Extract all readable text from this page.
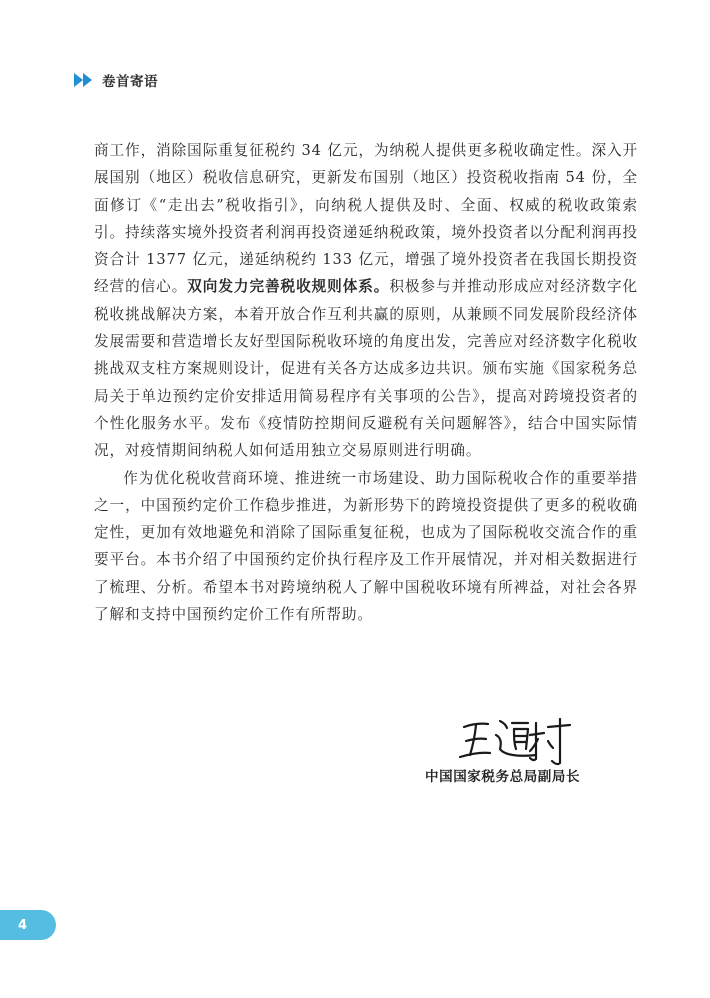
卷首寄语

商工作，消除国际重复征税约 34 亿元，为纳税人提供更多税收确定性。深入开展国别（地区）税收信息研究，更新发布国别（地区）投资税收指南 54 份，全面修订《“走出去”税收指引》，向纳税人提供及时、全面、权威的税收政策索引。持续落实境外投资者利润再投资递延纳税政策，境外投资者以分配利润再投资合计 1377 亿元，递延纳税约 133 亿元，增强了境外投资者在我国长期投资经营的信心。双向发力完善税收规则体系。积极参与并推动形成应对经济数字化税收挑战解决方案，本着开放合作互利共赢的原则，从兼顾不同发展阶段经济体发展需要和营造增长友好型国际税收环境的角度出发，完善应对经济数字化税收挑战双支柱方案规则设计，促进有关各方达成多边共识。颁布实施《国家税务总局关于单边预约定价安排适用简易程序有关事项的公告》，提高对跨境投资者的个性化服务水平。发布《疫情防控期间反避税有关问题解答》，结合中国实际情况，对疫情期间纳税人如何适用独立交易原则进行明确。

作为优化税收营商环境、推进统一市场建设、助力国际税收合作的重要举措之一，中国预约定价工作稳步推进，为新形势下的跨境投资提供了更多的税收确定性，更加有效地避免和消除了国际重复征税，也成为了国际税收交流合作的重要平台。本书介绍了中国预约定价执行程序及工作开展情况，并对相关数据进行了梳理、分析。希望本书对跨境纳税人了解中国税收环境有所裨益，对社会各界了解和支持中国预约定价工作有所帮助。

中国国家税务总局副局长
4
